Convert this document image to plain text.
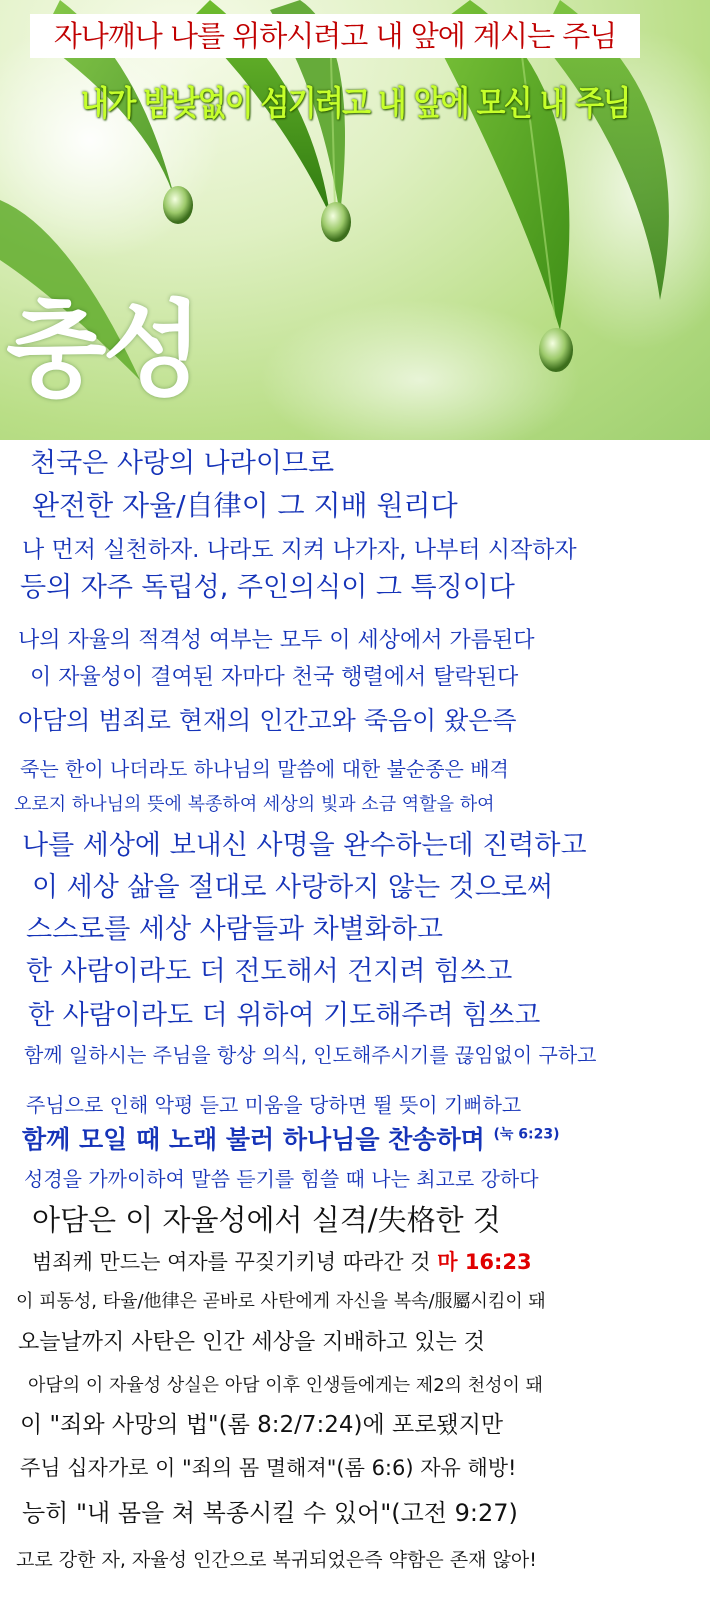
자나깨나 나를 위하시려고 내 앞에 계시는 주님
내가 밤낮없이 섬기려고 내 앞에 모신 내 주님
충성
천국은 사랑의 나라이므로
완전한 자율/自律이 그 지배 원리다
나 먼저 실천하자. 나라도 지켜 나가자, 나부터 시작하자
등의 자주 독립성, 주인의식이 그 특징이다
나의 자율의 적격성 여부는 모두 이 세상에서 가름된다
이 자율성이 결여된 자마다 천국 행렬에서 탈락된다
아담의 범죄로 현재의 인간고와 죽음이 왔은즉
죽는 한이 나더라도 하나님의 말씀에 대한 불순종은 배격
오로지 하나님의 뜻에 복종하여 세상의 빛과 소금 역할을 하여
나를 세상에 보내신 사명을 완수하는데 진력하고
이 세상 삶을 절대로 사랑하지 않는 것으로써
스스로를 세상 사람들과 차별화하고
한 사람이라도 더 전도해서 건지려 힘쓰고
한 사람이라도 더 위하여 기도해주려 힘쓰고
함께 일하시는 주님을 항상 의식, 인도해주시기를 끊임없이 구하고
주님으로 인해 악평 듣고 미움을 당하면 뛸 뜻이 기뻐하고
함께 모일 때 노래 불러 하나님을 찬송하며 $^{(눅 6:23)}$
성경을 가까이하여 말씀 듣기를 힘쓸 때 나는 최고로 강하다
아담은 이 자율성에서 실격/失格한 것
범죄케 만드는 여자를 꾸짖기키녕 따라간 것 마 16:23
이 피동성, 타율/他律은 곧바로 사탄에게 자신을 복속/服屬시킴이 돼
오늘날까지 사탄은 인간 세상을 지배하고 있는 것
아담의 이 자율성 상실은 아담 이후 인생들에게는 제2의 천성이 돼
이 "죄와 사망의 법"(롬 8:2/7:24)에 포로됐지만
주님 십자가로 이 "죄의 몸 멸해져"(롬 6:6) 자유 해방!
능히 "내 몸을 쳐 복종시킬 수 있어"(고전 9:27)
고로 강한 자, 자율성 인간으로 복귀되었은즉 약함은 존재 않아!
